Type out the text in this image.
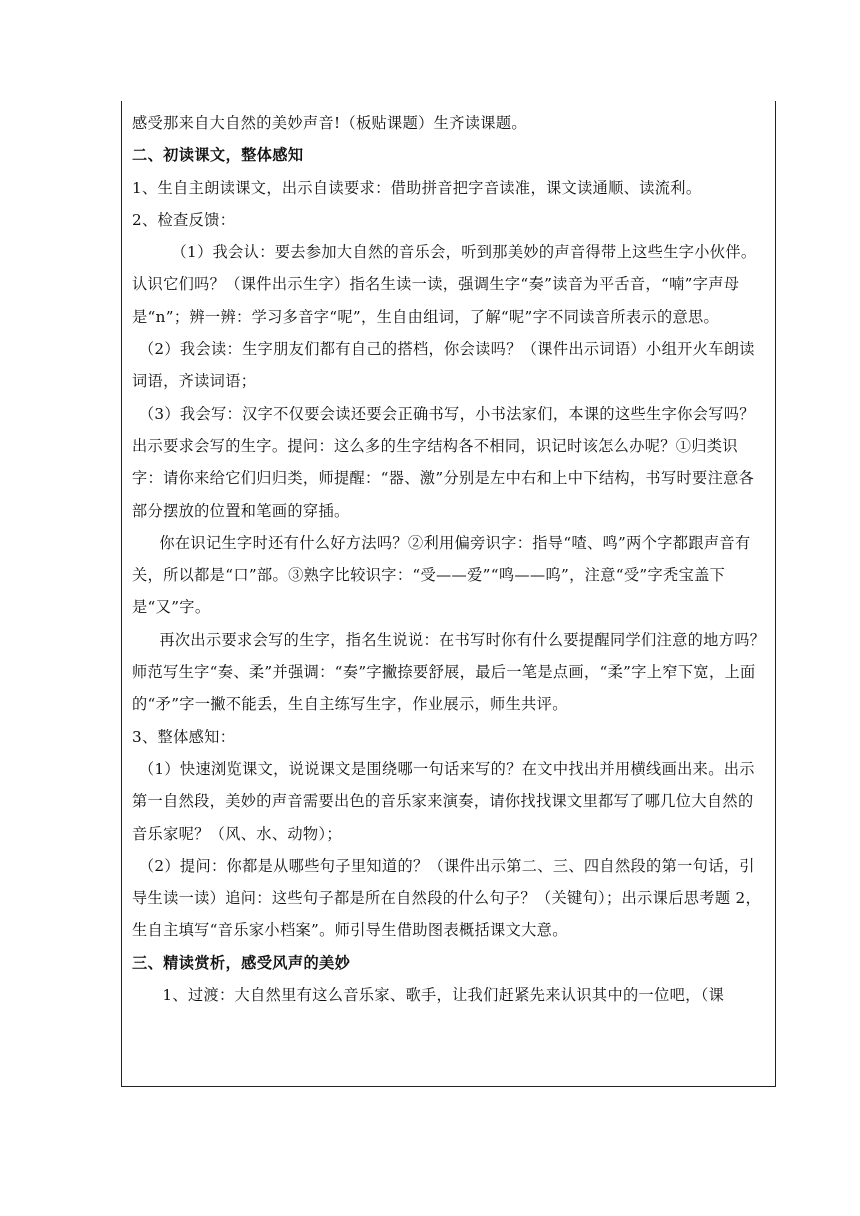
感受那来自大自然的美妙声音!（板贴课题）生齐读课题。

二、初读课文，整体感知

1、生自主朗读课文，出示自读要求：借助拼音把字音读准，课文读通顺、读流利。

2、检查反馈：

（1）我会认：要去参加大自然的音乐会，听到那美妙的声音得带上这些生字小伙伴。认识它们吗？（课件出示生字）指名生读一读，强调生字“奏”读音为平舌音，“喃”字声母是“n”；辨一辨：学习多音字“呢”，生自由组词，了解“呢”字不同读音所表示的意思。

（2）我会读：生字朋友们都有自己的搭档，你会读吗？（课件出示词语）小组开火车朗读词语，齐读词语；

（3）我会写：汉字不仅要会读还要会正确书写，小书法家们，本课的这些生字你会写吗？出示要求会写的生字。提问：这么多的生字结构各不相同，识记时该怎么办呢？①归类识字：请你来给它们归归类，师提醒：“器、激”分别是左中右和上中下结构，书写时要注意各部分摆放的位置和笔画的穿插。

你在识记生字时还有什么好方法吗？②利用偏旁识字：指导“喳、鸣”两个字都跟声音有关，所以都是“口”部。③熟字比较识字：“受——爱”“鸣——呜”，注意“受”字秃宝盖下是“又”字。

再次出示要求会写的生字，指名生说说：在书写时你有什么要提醒同学们注意的地方吗？师范写生字“奏、柔”并强调：“奏”字撇捺要舒展，最后一笔是点画，“柔”字上窄下宽，上面的“矛”字一撇不能丢，生自主练写生字，作业展示，师生共评。

3、整体感知：

（1）快速浏览课文，说说课文是围绕哪一句话来写的？在文中找出并用横线画出来。出示第一自然段，美妙的声音需要出色的音乐家来演奏，请你找找课文里都写了哪几位大自然的音乐家呢？（风、水、动物）；

（2）提问：你都是从哪些句子里知道的？（课件出示第二、三、四自然段的第一句话，引导生读一读）追问：这些句子都是所在自然段的什么句子？（关键句）；出示课后思考题 2，生自主填写“音乐家小档案”。师引导生借助图表概括课文大意。

三、精读赏析，感受风声的美妙

1、过渡：大自然里有这么音乐家、歌手，让我们赶紧先来认识其中的一位吧，（课
